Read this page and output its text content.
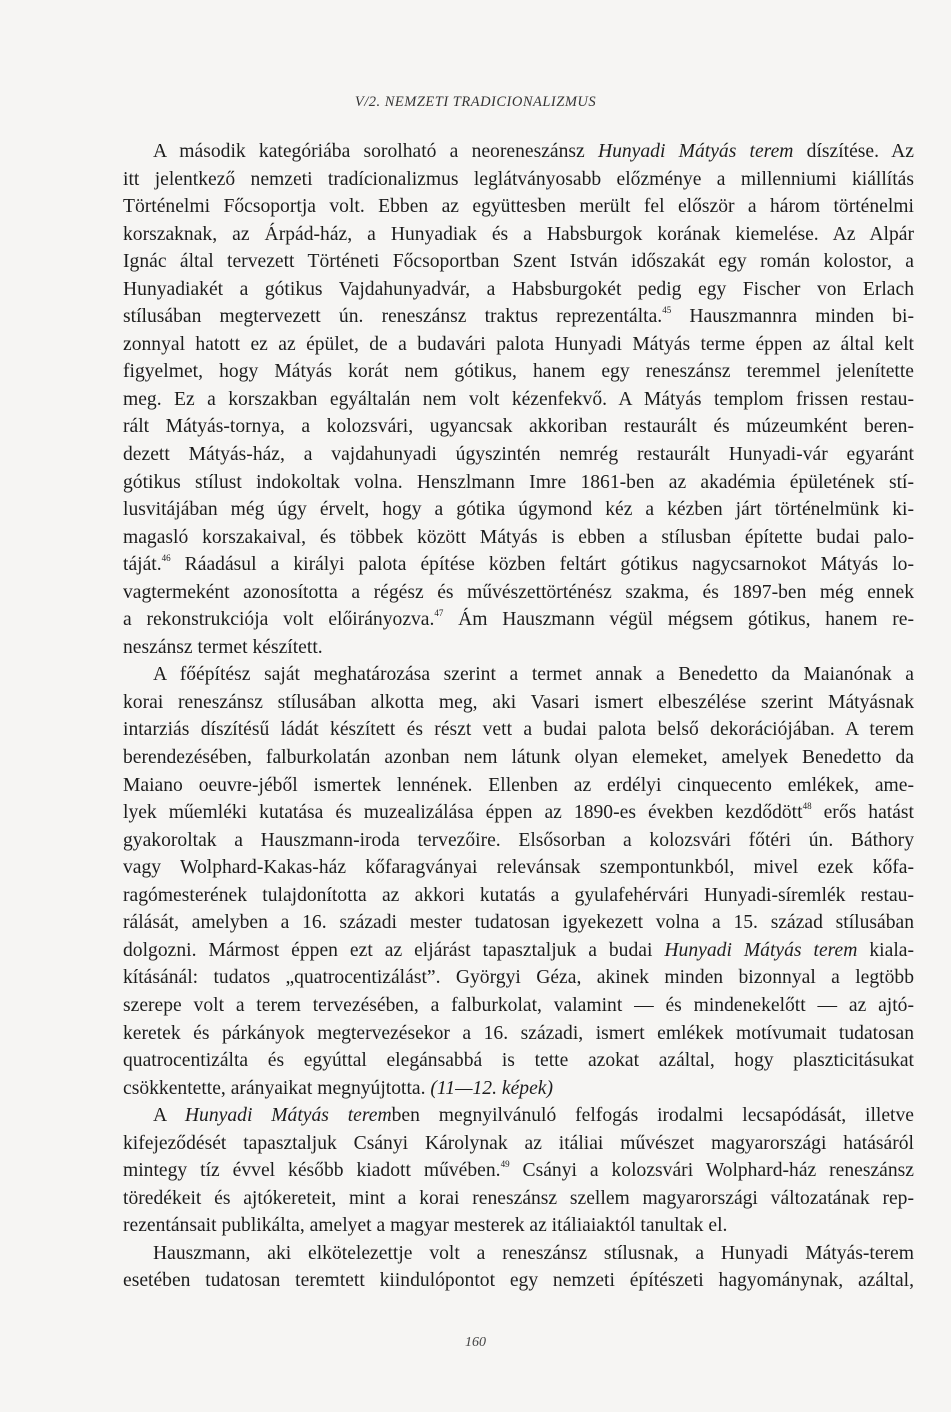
V/2. NEMZETI TRADICIONALIZMUS
A második kategóriába sorolható a neoreneszánsz Hunyadi Mátyás terem díszítése. Az
itt jelentkező nemzeti tradícionalizmus leglátványosabb előzménye a millenniumi kiállítás
Történelmi Főcsoportja volt. Ebben az együttesben merült fel először a három történelmi
korszaknak, az Árpád-ház, a Hunyadiak és a Habsburgok korának kiemelése. Az Alpár
Ignác által tervezett Történeti Főcsoportban Szent István időszakát egy román kolostor, a
Hunyadiakét a gótikus Vajdahunyadvár, a Habsburgokét pedig egy Fischer von Erlach
stílusában megtervezett ún. reneszánsz traktus reprezentálta.$^{45}$ Hauszmannra minden bi-
zonnyal hatott ez az épület, de a budavári palota Hunyadi Mátyás terme éppen az által kelt
figyelmet, hogy Mátyás korát nem gótikus, hanem egy reneszánsz teremmel jelenítette
meg. Ez a korszakban egyáltalán nem volt kézenfekvő. A Mátyás templom frissen restau-
rált Mátyás-tornya, a kolozsvári, ugyancsak akkoriban restaurált és múzeumként beren-
dezett Mátyás-ház, a vajdahunyadi úgyszintén nemrég restaurált Hunyadi-vár egyaránt
gótikus stílust indokoltak volna. Henszlmann Imre 1861-ben az akadémia épületének stí-
lusvitájában még úgy érvelt, hogy a gótika úgymond kéz a kézben járt történelmünk ki-
magasló korszakaival, és többek között Mátyás is ebben a stílusban építette budai palo-
táját.$^{46}$ Ráadásul a királyi palota építése közben feltárt gótikus nagycsarnokot Mátyás lo-
vagtermeként azonosította a régész és művészettörténész szakma, és 1897-ben még ennek
a rekonstrukciója volt előirányozva.$^{47}$ Ám Hauszmann végül mégsem gótikus, hanem re-
neszánsz termet készített.
A főépítész saját meghatározása szerint a termet annak a Benedetto da Maianónak a
korai reneszánsz stílusában alkotta meg, aki Vasari ismert elbeszélése szerint Mátyásnak
intarziás díszítésű ládát készített és részt vett a budai palota belső dekorációjában. A terem
berendezésében, falburkolatán azonban nem látunk olyan elemeket, amelyek Benedetto da
Maiano oeuvre-jéből ismertek lennének. Ellenben az erdélyi cinquecento emlékek, ame-
lyek műemléki kutatása és muzealizálása éppen az 1890-es években kezdődött$^{48}$ erős hatást
gyakoroltak a Hauszmann-iroda tervezőire. Elsősorban a kolozsvári főtéri ún. Báthory
vagy Wolphard-Kakas-ház kőfaragványai relevánsak szempontunkból, mivel ezek kőfa-
ragómesterének tulajdonította az akkori kutatás a gyulafehérvári Hunyadi-síremlék restau-
rálását, amelyben a 16. századi mester tudatosan igyekezett volna a 15. század stílusában
dolgozni. Mármost éppen ezt az eljárást tapasztaljuk a budai Hunyadi Mátyás terem kiala-
kításánál: tudatos „quatrocentizálást”. Györgyi Géza, akinek minden bizonnyal a legtöbb
szerepe volt a terem tervezésében, a falburkolat, valamint — és mindenekelőtt — az ajtó-
keretek és párkányok megtervezésekor a 16. századi, ismert emlékek motívumait tudatosan
quatrocentizálta és egyúttal elegánsabbá is tette azokat azáltal, hogy plaszticitásukat
csökkentette, arányaikat megnyújtotta. (11—12. képek)
A Hunyadi Mátyás teremben megnyilvánuló felfogás irodalmi lecsapódását, illetve
kifejeződését tapasztaljuk Csányi Károlynak az itáliai művészet magyarországi hatásáról
mintegy tíz évvel később kiadott művében.$^{49}$ Csányi a kolozsvári Wolphard-ház reneszánsz
töredékeit és ajtókereteit, mint a korai reneszánsz szellem magyarországi változatának rep-
rezentánsait publikálta, amelyet a magyar mesterek az itáliaiaktól tanultak el.
Hauszmann, aki elkötelezettje volt a reneszánsz stílusnak, a Hunyadi Mátyás-terem
esetében tudatosan teremtett kiindulópontot egy nemzeti építészeti hagyománynak, azáltal,
160
